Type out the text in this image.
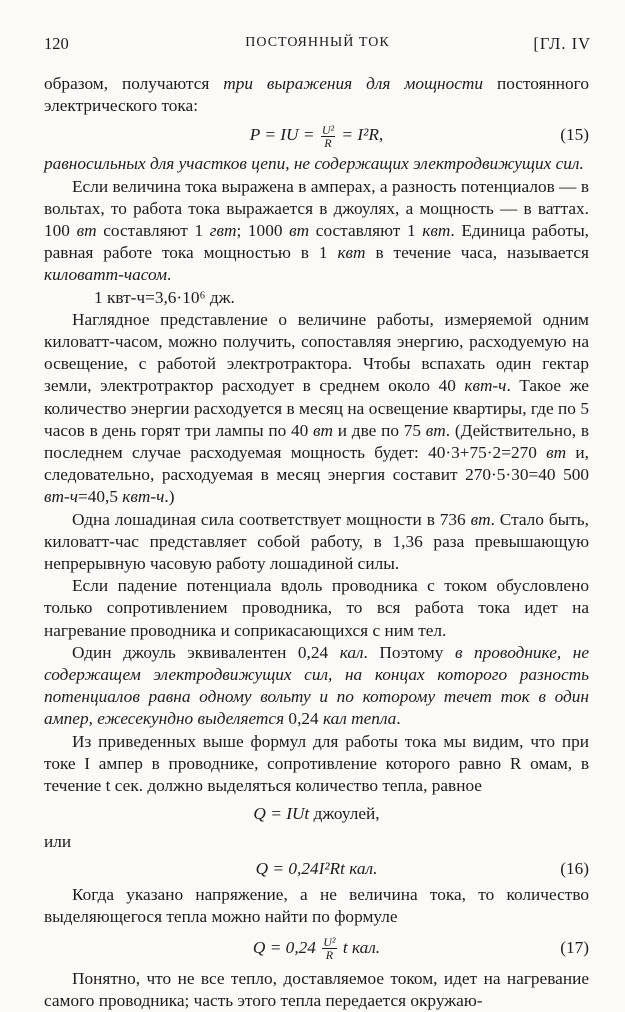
120	ПОСТОЯННЫЙ ТОК	[ГЛ. IV

образом, получаются три выражения для мощности постоянного электрического тока:

P = IU = $\frac{\text{U²}}{R} = I^2R$,	(15)

равносильных для участков цепи, не содержащих электродвижущих сил.

Если величина тока выражена в амперах, а разность потенциалов — в вольтах, то работа тока выражается в джоулях, а мощность — в ваттах. 100 вт составляют 1 гвт; 1000 вт составляют 1 квт. Единица работы, равная работе тока мощностью в 1 квт в течение часа, называется киловатт-часом.

1 квт-ч=3,6·10⁶ дж.

Наглядное представление о величине работы, измеряемой одним киловатт-часом, можно получить, сопоставляя энергию, расходуемую на освещение, с работой электротрактора. Чтобы вспахать один гектар земли, электротрактор расходует в среднем около 40 квт-ч. Такое же количество энергии расходуется в месяц на освещение квартиры, где по 5 часов в день горят три лампы по 40 вт и две по 75 вт. (Действительно, в последнем случае расходуемая мощность будет: 40·3+75·2=270 вт и, следовательно, расходуемая в месяц энергия составит 270·5·30=40 500 вт-ч=40,5 квт-ч.)

Одна лошадиная сила соответствует мощности в 736 вт. Стало быть, киловатт-час представляет собой работу, в 1,36 раза превышающую непрерывную часовую работу лошадиной силы.

Если падение потенциала вдоль проводника с током обусловлено только сопротивлением проводника, то вся работа тока идет на нагревание проводника и соприкасающихся с ним тел.

Один джоуль эквивалентен 0,24 кал. Поэтому в проводнике, не содержащем электродвижущих сил, на концах которого разность потенциалов равна одному вольту и по которому течет ток в один ампер, ежесекундно выделяется 0,24 кал тепла.

Из приведенных выше формул для работы тока мы видим, что при токе I ампер в проводнике, сопротивление которого равно R омам, в течение t сек. должно выделяться количество тепла, равное

Q = IUt джоулей,

или

Q = 0,24I²Rt кал.	(16)

Когда указано напряжение, а не величина тока, то количество выделяющегося тепла можно найти по формуле

$Q = 0,24 \frac{\text{U²}}{R}$ t кал.	(17)

Понятно, что не все тепло, доставляемое током, идет на нагревание самого проводника; часть этого тепла передается окружаю-
